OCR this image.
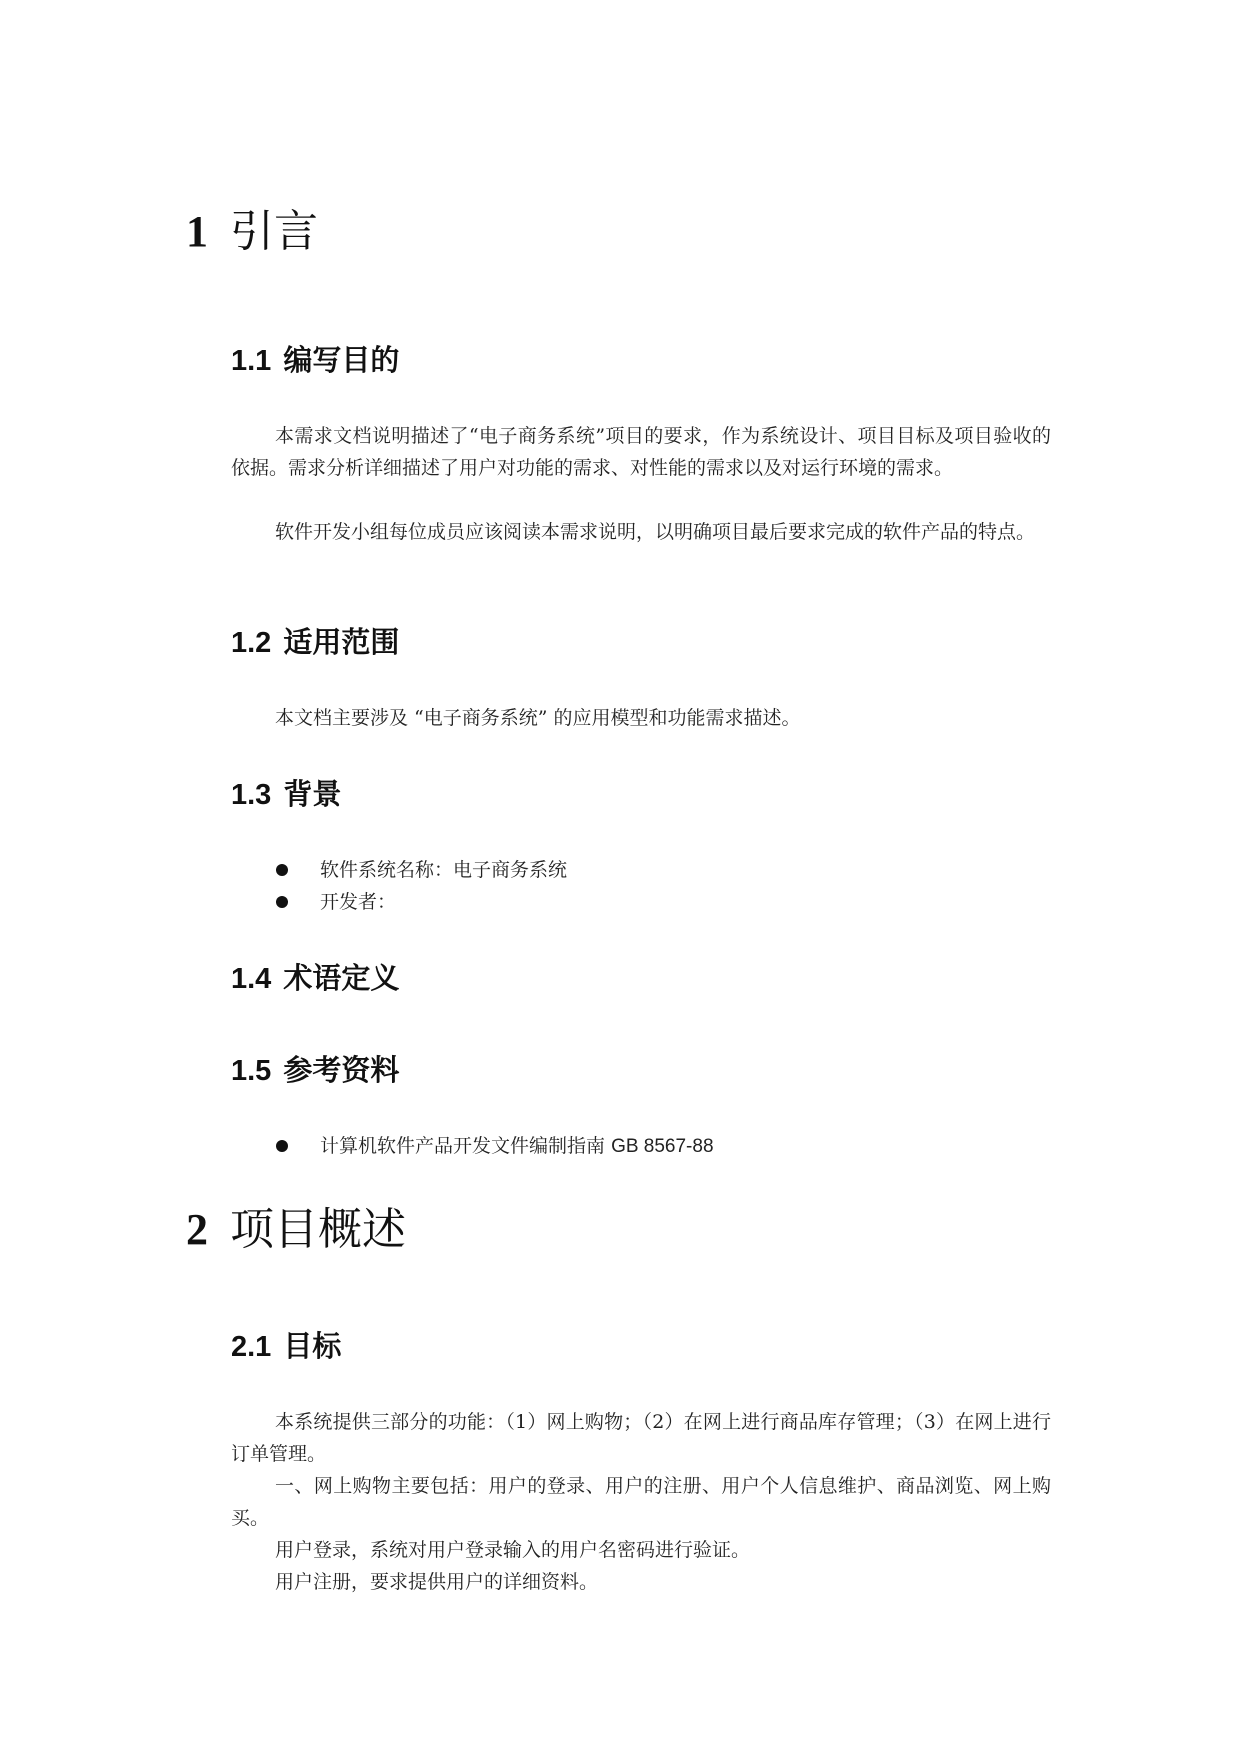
1 引言
1.1 编写目的

本需求文档说明描述了“电子商务系统”项目的要求，作为系统设计、项目目标及项目验收的依据。需求分析详细描述了用户对功能的需求、对性能的需求以及对运行环境的需求。

软件开发小组每位成员应该阅读本需求说明，以明确项目最后要求完成的软件产品的特点。

1.2 适用范围

本文档主要涉及 “电子商务系统” 的应用模型和功能需求描述。

1.3 背景
软件系统名称：电子商务系统
开发者：
1.4 术语定义
1.5 参考资料
计算机软件产品开发文件编制指南 GB 8567-88
2 项目概述
2.1 目标

本系统提供三部分的功能：（1）网上购物；（2）在网上进行商品库存管理；（3）在网上进行订单管理。

一、网上购物主要包括：用户的登录、用户的注册、用户个人信息维护、商品浏览、网上购买。

用户登录，系统对用户登录输入的用户名密码进行验证。

用户注册，要求提供用户的详细资料。
